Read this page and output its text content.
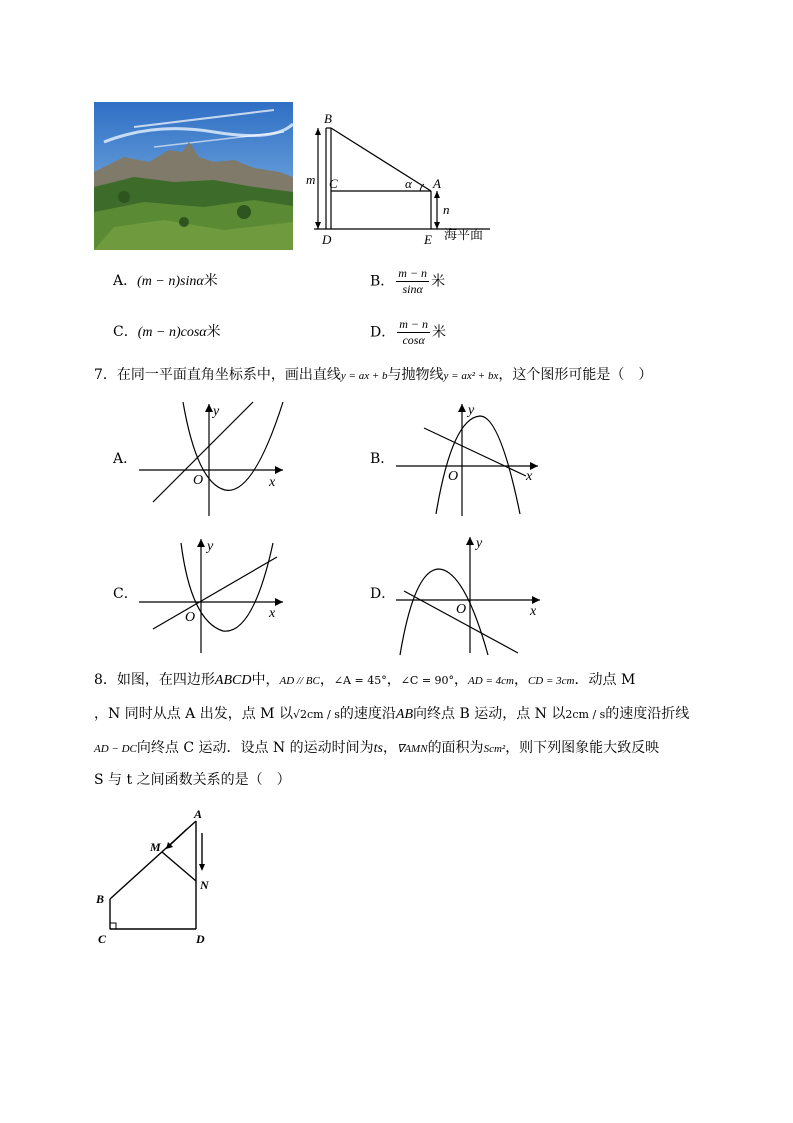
B
m C	α A
n
D	E 海平面
A．(m − n)sinα米	B． $\frac{m - n}{\sin\alpha}$ 米
C．(m − n)cosα米	D． $\frac{m - n}{\cos\alpha}$ 米
7．在同一平面直角坐标系中，画出直线y = ax + b与抛物线y = ax² + bx，这个图形可能是（　）
A．
x
y
O
B．
x
y
O
C．
x
y
O
D．
x
y
O
8．如图，在四边形ABCD中，AD // BC，∠A = 45°，∠C = 90°，AD = 4cm，CD = 3cm．动点 M
，N 同时从点 A 出发，点 M 以√2cm / s的速度沿AB向终点 B 运动，点 N 以2cm / s的速度沿折线
AD − DC向终点 C 运动．设点 N 的运动时间为ts，∇AMN的面积为Scm²，则下列图象能大致反映
S 与 t 之间函数关系的是（　）
A
M
N
B
C	D
